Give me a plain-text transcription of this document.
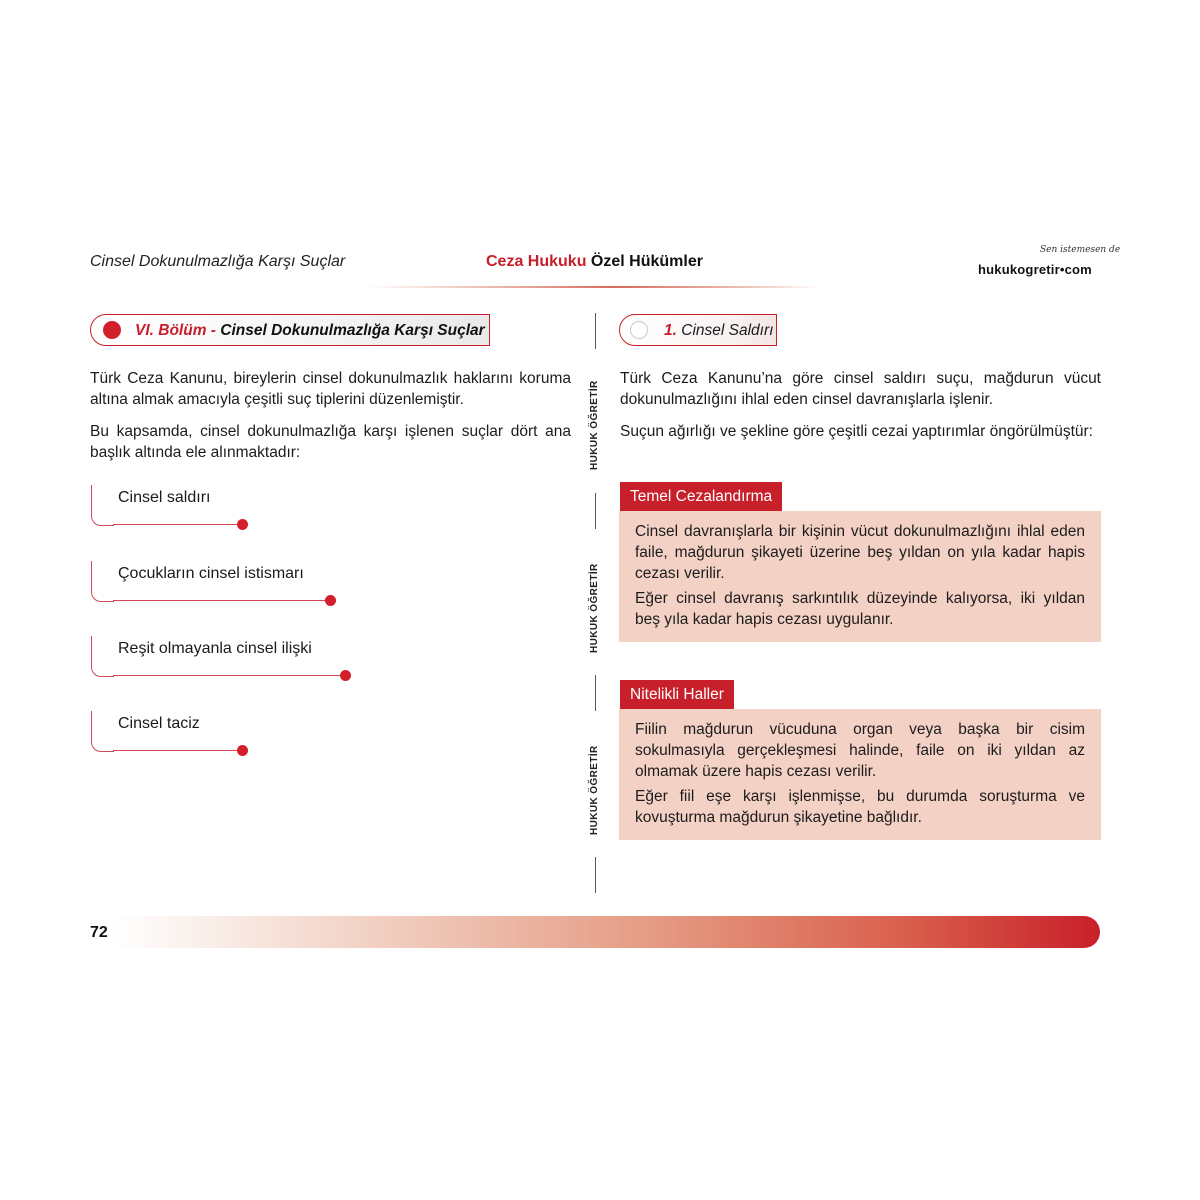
Cinsel Dokunulmazlığa Karşı Suçlar	Ceza Hukuku Özel Hükümler
Sen istemesen de
hukukogretir•com
VI. Bölüm - Cinsel Dokunulmazlığa Karşı Suçlar
Türk Ceza Kanunu, bireylerin cinsel dokunulmazlık haklarını koruma altına almak amacıyla çeşitli suç tiplerini düzenlemiştir.
Bu kapsamda, cinsel dokunulmazlığa karşı işlenen suçlar dört ana başlık altında ele alınmaktadır:
Cinsel saldırı
Çocukların cinsel istismarı
Reşit olmayanla cinsel ilişki
Cinsel taciz
HUKUK ÖĞRETİR
HUKUK ÖĞRETİR
HUKUK ÖĞRETİR
1. Cinsel Saldırı
Türk Ceza Kanunu’na göre cinsel saldırı suçu, mağdurun vücut dokunulmazlığını ihlal eden cinsel davranışlarla işlenir.
Suçun ağırlığı ve şekline göre çeşitli cezai yaptırımlar öngörülmüştür:
Temel Cezalandırma

Cinsel davranışlarla bir kişinin vücut dokunulmazlığını ihlal eden faile, mağdurun şikayeti üzerine beş yıldan on yıla kadar hapis cezası verilir.

Eğer cinsel davranış sarkıntılık düzeyinde kalıyorsa, iki yıldan beş yıla kadar hapis cezası uygulanır.

Nitelikli Haller

Fiilin mağdurun vücuduna organ veya başka bir cisim sokulmasıyla gerçekleşmesi halinde, faile on iki yıldan az olmamak üzere hapis cezası verilir.

Eğer fiil eşe karşı işlenmişse, bu durumda soruşturma ve kovuşturma mağdurun şikayetine bağlıdır.

72
